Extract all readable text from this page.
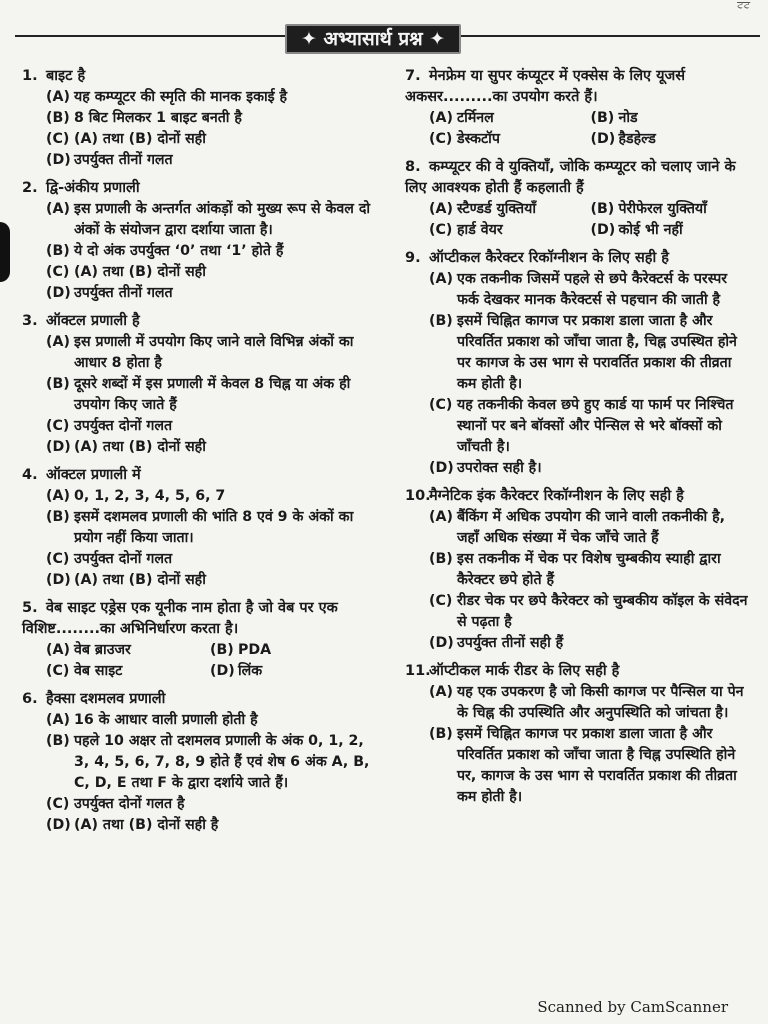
ਟਟ
✦ अभ्यासार्थ प्रश्न ✦
1. बाइट है
(A) यह कम्प्यूटर की स्मृति की मानक इकाई है
(B) 8 बिट मिलकर 1 बाइट बनती है
(C) (A) तथा (B) दोनों सही
(D) उपर्युक्त तीनों गलत
2. द्वि-अंकीय प्रणाली
(A) इस प्रणाली के अन्तर्गत आंकड़ों को मुख्य रूप से केवल दो अंकों के संयोजन द्वारा दर्शाया जाता है।
(B) ये दो अंक उपर्युक्त ‘0’ तथा ‘1’ होते हैं
(C) (A) तथा (B) दोनों सही
(D) उपर्युक्त तीनों गलत
3. ऑक्टल प्रणाली है
(A) इस प्रणाली में उपयोग किए जाने वाले विभिन्न अंकों का आधार 8 होता है
(B) दूसरे शब्दों में इस प्रणाली में केवल 8 चिह्न या अंक ही उपयोग किए जाते हैं
(C) उपर्युक्त दोनों गलत
(D) (A) तथा (B) दोनों सही
4. ऑक्टल प्रणाली में
(A) 0, 1, 2, 3, 4, 5, 6, 7
(B) इसमें दशमलव प्रणाली की भांति 8 एवं 9 के अंकों का प्रयोग नहीं किया जाता।
(C) उपर्युक्त दोनों गलत
(D) (A) तथा (B) दोनों सही
5. वेब साइट एड्रेस एक यूनीक नाम होता है जो वेब पर एक विशिष्ट........का अभिनिर्धारण करता है।
(A) वेब ब्राउजर	(B) PDA
(C) वेब साइट	(D) लिंक
6. हैक्सा दशमलव प्रणाली
(A) 16 के आधार वाली प्रणाली होती है
(B) पहले 10 अक्षर तो दशमलव प्रणाली के अंक 0, 1, 2, 3, 4, 5, 6, 7, 8, 9 होते हैं एवं शेष 6 अंक A, B, C, D, E तथा F के द्वारा दर्शाये जाते हैं।
(C) उपर्युक्त दोनों गलत है
(D) (A) तथा (B) दोनों सही है
7. मेनफ्रेम या सुपर कंप्यूटर में एक्सेस के लिए यूजर्स अकसर.........का उपयोग करते हैं।
(A) टर्मिनल	(B) नोड
(C) डेस्कटॉप	(D) हैडहेल्ड
8. कम्प्यूटर की वे युक्तियाँ, जोकि कम्प्यूटर को चलाए जाने के लिए आवश्यक होती हैं कहलाती हैं
(A) स्टैण्डर्ड युक्तियाँ	(B) पेरीफेरल युक्तियाँ
(C) हार्ड वेयर	(D) कोई भी नहीं
9. ऑप्टीकल कैरेक्टर रिकॉग्नीशन के लिए सही है
(A) एक तकनीक जिसमें पहले से छपे कैरेक्टर्स के परस्पर फर्क देखकर मानक कैरेक्टर्स से पहचान की जाती है
(B) इसमें चिह्नित कागज पर प्रकाश डाला जाता है और परिवर्तित प्रकाश को जाँचा जाता है, चिह्न उपस्थित होने पर कागज के उस भाग से परावर्तित प्रकाश की तीव्रता कम होती है।
(C) यह तकनीकी केवल छपे हुए कार्ड या फार्म पर निश्चित स्थानों पर बने बॉक्सों और पेन्सिल से भरे बॉक्सों को जाँचती है।
(D) उपरोक्त सही है।
10.मैग्नेटिक इंक कैरेक्टर रिकॉग्नीशन के लिए सही है
(A) बैंकिंग में अधिक उपयोग की जाने वाली तकनीकी है, जहाँ अधिक संख्या में चेक जाँचे जाते हैं
(B) इस तकनीक में चेक पर विशेष चुम्बकीय स्याही द्वारा कैरेक्टर छपे होते हैं
(C) रीडर चेक पर छपे कैरेक्टर को चुम्बकीय कॉइल के संवेदन से पढ़ता है
(D) उपर्युक्त तीनों सही हैं
11.ऑप्टीकल मार्क रीडर के लिए सही है
(A) यह एक उपकरण है जो किसी कागज पर पैन्सिल या पेन के चिह्न की उपस्थिति और अनुपस्थिति को जांचता है।
(B) इसमें चिह्नित कागज पर प्रकाश डाला जाता है और परिवर्तित प्रकाश को जाँचा जाता है चिह्न उपस्थिति होने पर, कागज के उस भाग से परावर्तित प्रकाश की तीव्रता कम होती है।
Scanned by CamScanner
